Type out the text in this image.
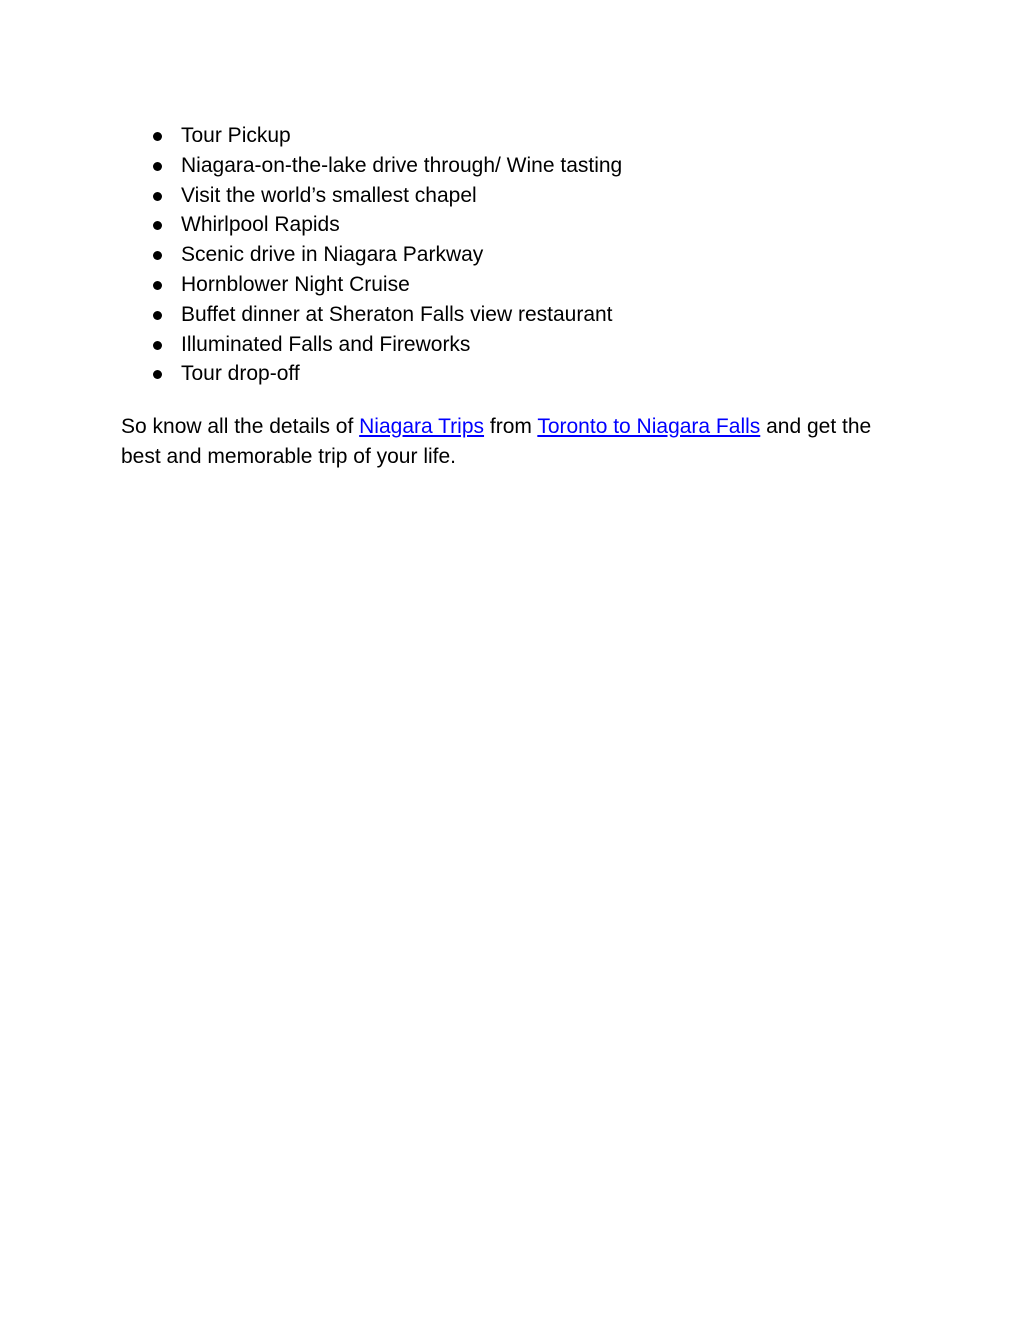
Tour Pickup
Niagara-on-the-lake drive through/ Wine tasting
Visit the world’s smallest chapel
Whirlpool Rapids
Scenic drive in Niagara Parkway
Hornblower Night Cruise
Buffet dinner at Sheraton Falls view restaurant
Illuminated Falls and Fireworks
Tour drop-off

So know all the details of Niagara Trips from Toronto to Niagara Falls and get the
best and memorable trip of your life.
